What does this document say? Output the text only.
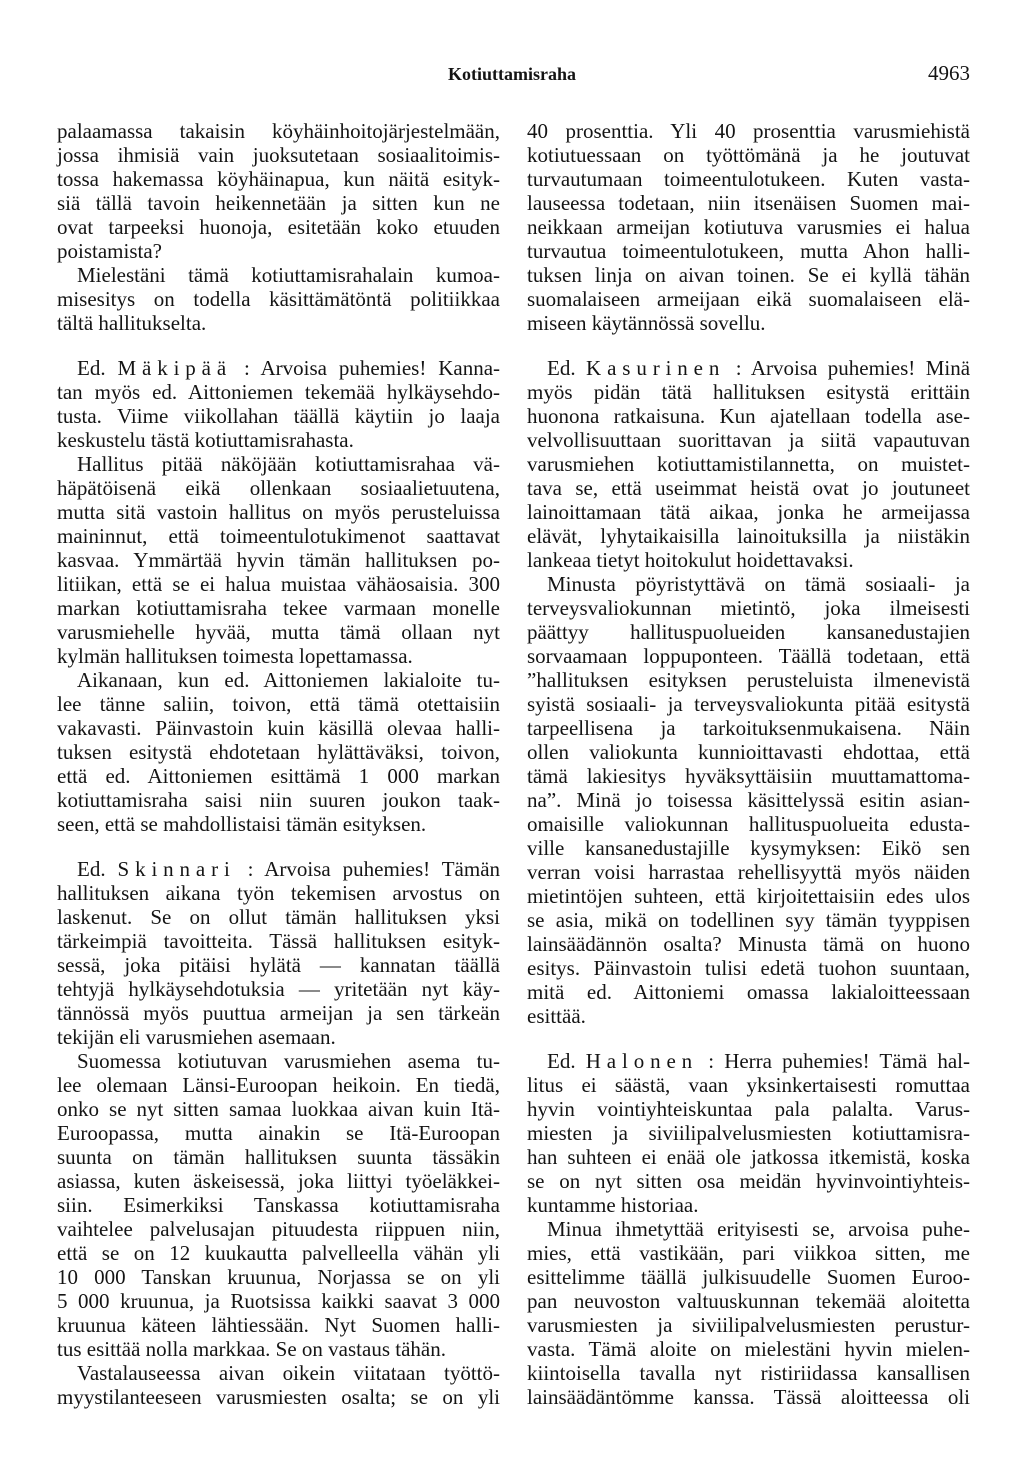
Kotiuttamisraha	4963
palaamassa takaisin köyhäinhoitojärjestelmään,
jossa ihmisiä vain juoksutetaan sosiaalitoimis-
tossa hakemassa köyhäinapua, kun näitä esityk-
siä tällä tavoin heikennetään ja sitten kun ne
ovat tarpeeksi huonoja, esitetään koko etuuden
poistamista?
Mielestäni tämä kotiuttamisrahalain kumoa-
misesitys on todella käsittämätöntä politiikkaa
tältä hallitukselta.
Ed. Mäkipää : Arvoisa puhemies! Kanna-
tan myös ed. Aittoniemen tekemää hylkäysehdo-
tusta. Viime viikollahan täällä käytiin jo laaja
keskustelu tästä kotiuttamisrahasta.
Hallitus pitää näköjään kotiuttamisrahaa vä-
häpätöisenä eikä ollenkaan sosiaalietuutena,
mutta sitä vastoin hallitus on myös perusteluissa
maininnut, että toimeentulotukimenot saattavat
kasvaa. Ymmärtää hyvin tämän hallituksen po-
litiikan, että se ei halua muistaa vähäosaisia. 300
markan kotiuttamisraha tekee varmaan monelle
varusmiehelle hyvää, mutta tämä ollaan nyt
kylmän hallituksen toimesta lopettamassa.
Aikanaan, kun ed. Aittoniemen lakialoite tu-
lee tänne saliin, toivon, että tämä otettaisiin
vakavasti. Päinvastoin kuin käsillä olevaa halli-
tuksen esitystä ehdotetaan hylättäväksi, toivon,
että ed. Aittoniemen esittämä 1 000 markan
kotiuttamisraha saisi niin suuren joukon taak-
seen, että se mahdollistaisi tämän esityksen.
Ed. Skinnari : Arvoisa puhemies! Tämän
hallituksen aikana työn tekemisen arvostus on
laskenut. Se on ollut tämän hallituksen yksi
tärkeimpiä tavoitteita. Tässä hallituksen esityk-
sessä, joka pitäisi hylätä — kannatan täällä
tehtyjä hylkäysehdotuksia — yritetään nyt käy-
tännössä myös puuttua armeijan ja sen tärkeän
tekijän eli varusmiehen asemaan.
Suomessa kotiutuvan varusmiehen asema tu-
lee olemaan Länsi-Euroopan heikoin. En tiedä,
onko se nyt sitten samaa luokkaa aivan kuin Itä-
Euroopassa, mutta ainakin se Itä-Euroopan
suunta on tämän hallituksen suunta tässäkin
asiassa, kuten äskeisessä, joka liittyi työeläkkei-
siin. Esimerkiksi Tanskassa kotiuttamisraha
vaihtelee palvelusajan pituudesta riippuen niin,
että se on 12 kuukautta palvelleella vähän yli
10 000 Tanskan kruunua, Norjassa se on yli
5 000 kruunua, ja Ruotsissa kaikki saavat 3 000
kruunua käteen lähtiessään. Nyt Suomen halli-
tus esittää nolla markkaa. Se on vastaus tähän.
Vastalauseessa aivan oikein viitataan työttö-
myystilanteeseen varusmiesten osalta; se on yli
40 prosenttia. Yli 40 prosenttia varusmiehistä
kotiutuessaan on työttömänä ja he joutuvat
turvautumaan toimeentulotukeen. Kuten vasta-
lauseessa todetaan, niin itsenäisen Suomen mai-
neikkaan armeijan kotiutuva varusmies ei halua
turvautua toimeentulotukeen, mutta Ahon halli-
tuksen linja on aivan toinen. Se ei kyllä tähän
suomalaiseen armeijaan eikä suomalaiseen elä-
miseen käytännössä sovellu.
Ed. Kasurinen : Arvoisa puhemies! Minä
myös pidän tätä hallituksen esitystä erittäin
huonona ratkaisuna. Kun ajatellaan todella ase-
velvollisuuttaan suorittavan ja siitä vapautuvan
varusmiehen kotiuttamistilannetta, on muistet-
tava se, että useimmat heistä ovat jo joutuneet
lainoittamaan tätä aikaa, jonka he armeijassa
elävät, lyhytaikaisilla lainoituksilla ja niistäkin
lankeaa tietyt hoitokulut hoidettavaksi.
Minusta pöyristyttävä on tämä sosiaali- ja
terveysvaliokunnan mietintö, joka ilmeisesti
päättyy hallituspuolueiden kansanedustajien
sorvaamaan loppuponteen. Täällä todetaan, että
”hallituksen esityksen perusteluista ilmenevistä
syistä sosiaali- ja terveysvaliokunta pitää esitystä
tarpeellisena ja tarkoituksenmukaisena. Näin
ollen valiokunta kunnioittavasti ehdottaa, että
tämä lakiesitys hyväksyttäisiin muuttamattoma-
na”. Minä jo toisessa käsittelyssä esitin asian-
omaisille valiokunnan hallituspuolueita edusta-
ville kansanedustajille kysymyksen: Eikö sen
verran voisi harrastaa rehellisyyttä myös näiden
mietintöjen suhteen, että kirjoitettaisiin edes ulos
se asia, mikä on todellinen syy tämän tyyppisen
lainsäädännön osalta? Minusta tämä on huono
esitys. Päinvastoin tulisi edetä tuohon suuntaan,
mitä ed. Aittoniemi omassa lakialoitteessaan
esittää.
Ed. Halonen : Herra puhemies! Tämä hal-
litus ei säästä, vaan yksinkertaisesti romuttaa
hyvin vointiyhteiskuntaa pala palalta. Varus-
miesten ja siviilipalvelusmiesten kotiuttamisra-
han suhteen ei enää ole jatkossa itkemistä, koska
se on nyt sitten osa meidän hyvinvointiyhteis-
kuntamme historiaa.
Minua ihmetyttää erityisesti se, arvoisa puhe-
mies, että vastikään, pari viikkoa sitten, me
esittelimme täällä julkisuudelle Suomen Euroo-
pan neuvoston valtuuskunnan tekemää aloitetta
varusmiesten ja siviilipalvelusmiesten perustur-
vasta. Tämä aloite on mielestäni hyvin mielen-
kiintoisella tavalla nyt ristiriidassa kansallisen
lainsäädäntömme kanssa. Tässä aloitteessa oli
